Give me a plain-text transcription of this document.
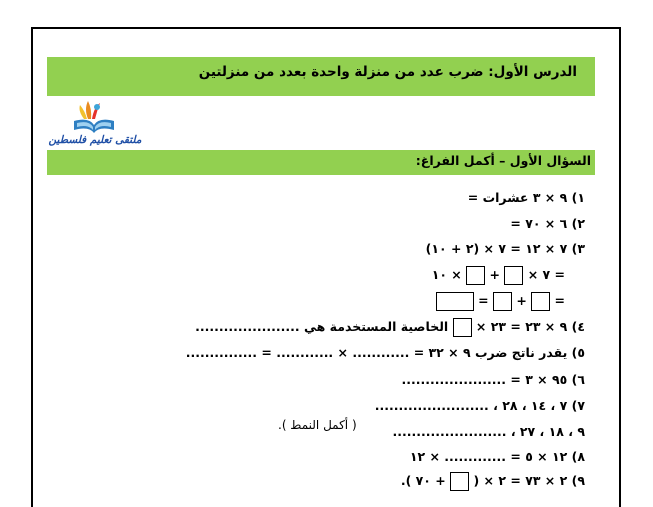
الدرس الأول: ضرب عدد من منزلة واحدة بعدد من منزلتين
ملتقى تعليم فلسطين
السؤال الأول – أكمل الفراغ:
١) ٩ × ٣ عشرات =
٢) ٦ × ٧٠ =
٣) ٧ × ١٢ = ٧ × (٢ + ١٠)
= ٧ ×  +  × ١٠
=  +  =
٤) ٩ × ٢٣ = ٢٣ ×  الخاصية المستخدمة هي ......................
٥) يقدر ناتج ضرب ٩ × ٣٢ = ............ × ............ = ...............
٦) ٩٥ × ٣ = ......................
٧) ٧ ، ١٤ ، ٢٨ ، ........................
( أكمل النمط ).	٩ ، ١٨ ، ٢٧ ، ........................
٨) ١٢ × ٥ = ............. × ١٢
٩) ٢ × ٧٣ = ٢ × (  + ٧٠ ).
